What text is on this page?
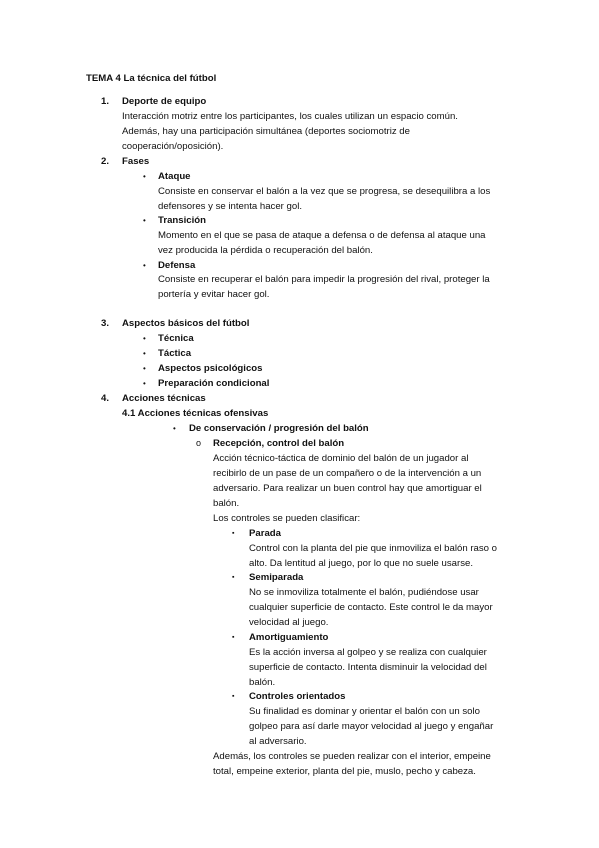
TEMA 4 La técnica del fútbol
1. Deporte de equipo
Interacción motriz entre los participantes, los cuales utilizan un espacio común.
Además, hay una participación simultánea (deportes sociomotriz de
cooperación/oposición).
2. Fases
• Ataque
Consiste en conservar el balón a la vez que se progresa, se desequilibra a los
defensores y se intenta hacer gol.
• Transición
Momento en el que se pasa de ataque a defensa o de defensa al ataque una
vez producida la pérdida o recuperación del balón.
• Defensa
Consiste en recuperar el balón para impedir la progresión del rival, proteger la
portería y evitar hacer gol.
3. Aspectos básicos del fútbol
• Técnica
• Táctica
• Aspectos psicológicos
• Preparación condicional
4. Acciones técnicas
4.1 Acciones técnicas ofensivas
• De conservación / progresión del balón
o Recepción, control del balón
Acción técnico-táctica de dominio del balón de un jugador al
recibirlo de un pase de un compañero o de la intervención a un
adversario. Para realizar un buen control hay que amortiguar el
balón.
Los controles se pueden clasificar:
▪ Parada
Control con la planta del pie que inmoviliza el balón raso o
alto. Da lentitud al juego, por lo que no suele usarse.
▪ Semiparada
No se inmoviliza totalmente el balón, pudiéndose usar
cualquier superficie de contacto. Este control le da mayor
velocidad al juego.
▪ Amortiguamiento
Es la acción inversa al golpeo y se realiza con cualquier
superficie de contacto. Intenta disminuir la velocidad del
balón.
▪ Controles orientados
Su finalidad es dominar y orientar el balón con un solo
golpeo para así darle mayor velocidad al juego y engañar
al adversario.
Además, los controles se pueden realizar con el interior, empeine
total, empeine exterior, planta del pie, muslo, pecho y cabeza.
